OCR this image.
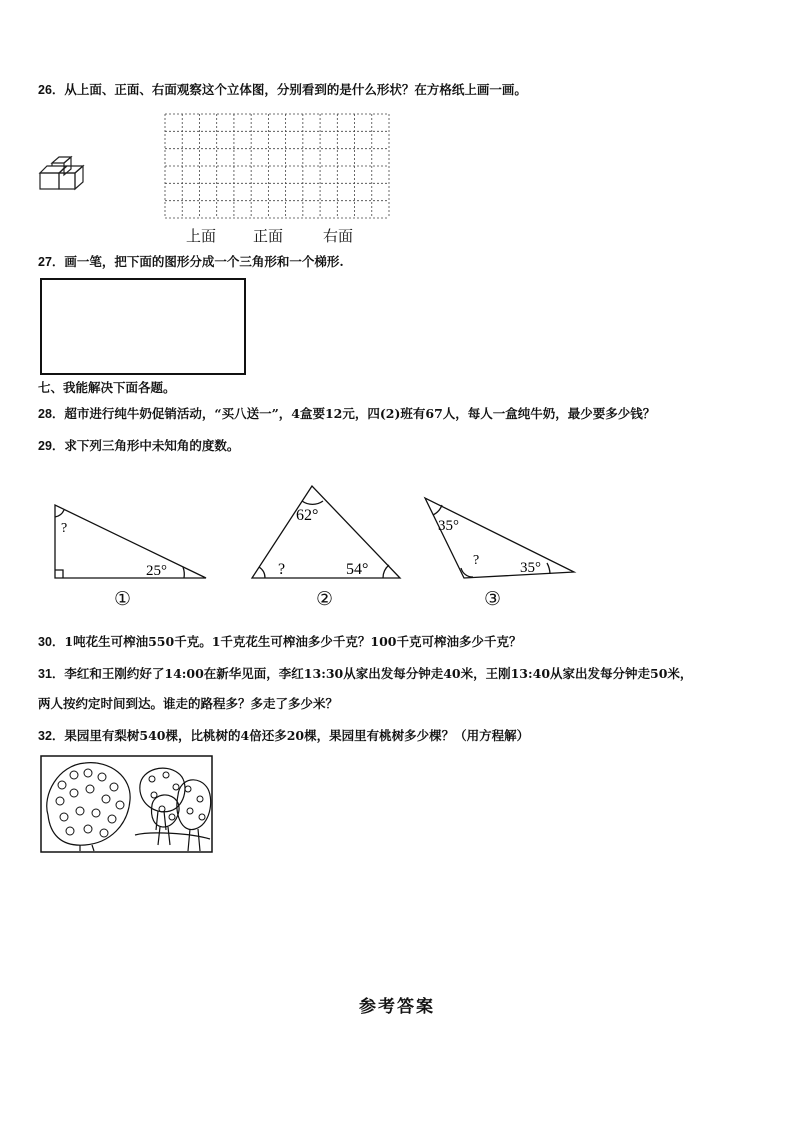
26．从上面、正面、右面观察这个立体图，分别看到的是什么形状？在方格纸上画一画。
上面 正面	右面
27．画一笔，把下面的图形分成一个三角形和一个梯形.
七、我能解决下面各题。
28．超市进行纯牛奶促销活动，“买八送一”，4盒要12元，四(2)班有67人，每人一盒纯牛奶，最少要多少钱？
29．求下列三角形中未知角的度数。
?
25°
62°
?	54°
35°
?	35°
①	②	③
30．1吨花生可榨油550千克。1千克花生可榨油多少千克？100千克可榨油多少千克？
31．李红和王刚约好了14:00在新华见面，李红13:30从家出发每分钟走40米，王刚13:40从家出发每分钟走50米，
两人按约定时间到达。谁走的路程多？多走了多少米？
32．果园里有梨树540棵，比桃树的4倍还多20棵，果园里有桃树多少棵？（用方程解）
参考答案
